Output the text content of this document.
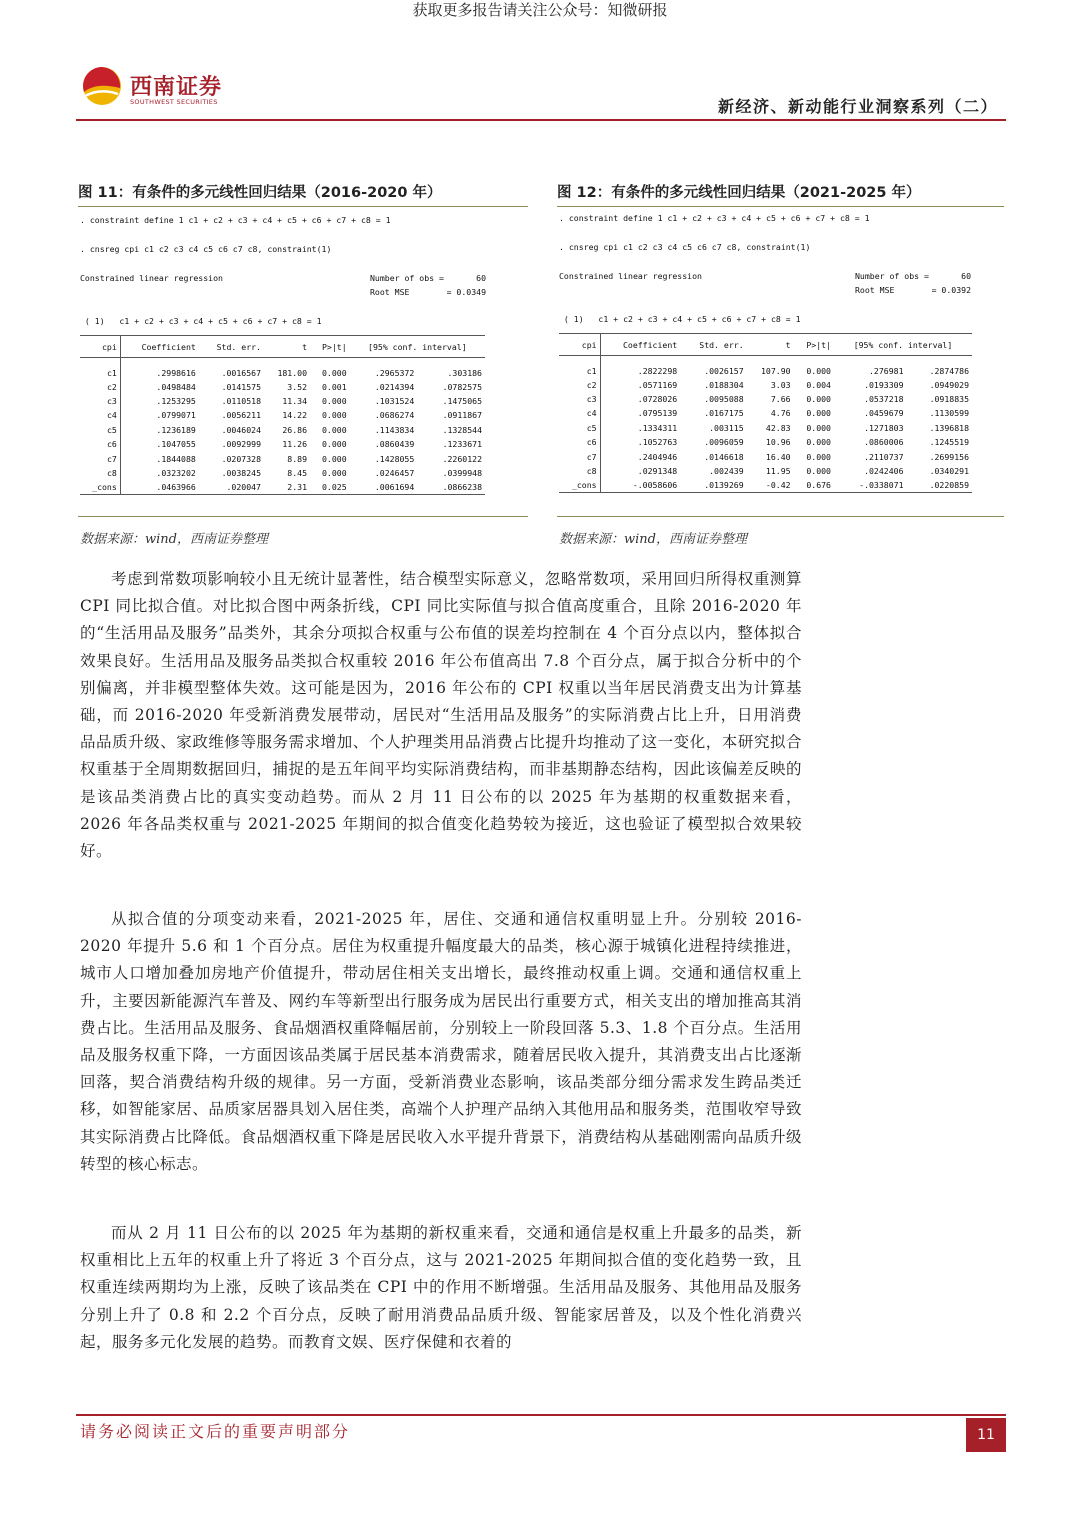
获取更多报告请关注公众号：知微研报
西南证券
SOUTHWEST SECURITIES	新经济、新动能行业洞察系列（二）
图 11：有条件的多元线性回归结果（2016-2020 年）
. constraint define 1 c1 + c2 + c3 + c4 + c5 + c6 + c7 + c8 = 1
. cnsreg cpi c1 c2 c3 c4 c5 c6 c7 c8, constraint(1)
Constrained linear regression	Number of obs =	60
Root MSE	= 0.0349
( 1)   c1 + c2 + c3 + c4 + c5 + c6 + c7 + c8 = 1
cpi	Coefficient	Std. err.	t	P>|t|	[95% conf. interval]	
c1	.2998616	.0016567	181.00	0.000	.2965372	.303186
c2	.0498484	.0141575	3.52	0.001	.0214394	.0782575
c3	.1253295	.0110518	11.34	0.000	.1031524	.1475065
c4	.0799071	.0056211	14.22	0.000	.0686274	.0911867
c5	.1236189	.0046024	26.86	0.000	.1143834	.1328544
c6	.1047055	.0092999	11.26	0.000	.0860439	.1233671
c7	.1844088	.0207328	8.89	0.000	.1428055	.2260122
c8	.0323202	.0038245	8.45	0.000	.0246457	.0399948
_cons	.0463966	.020047	2.31	0.025	.0061694	.0866238
数据来源：wind，西南证券整理
图 12：有条件的多元线性回归结果（2021-2025 年）
. constraint define 1 c1 + c2 + c3 + c4 + c5 + c6 + c7 + c8 = 1
. cnsreg cpi c1 c2 c3 c4 c5 c6 c7 c8, constraint(1)
Constrained linear regression	Number of obs =	60
Root MSE	= 0.0392
( 1)   c1 + c2 + c3 + c4 + c5 + c6 + c7 + c8 = 1
cpi	Coefficient	Std. err.	t	P>|t|	[95% conf. interval]	
c1	.2822298	.0026157	107.90	0.000	.276981	.2874786
c2	.0571169	.0188304	3.03	0.004	.0193309	.0949029
c3	.0728026	.0095088	7.66	0.000	.0537218	.0918835
c4	.0795139	.0167175	4.76	0.000	.0459679	.1130599
c5	.1334311	.003115	42.83	0.000	.1271803	.1396818
c6	.1052763	.0096059	10.96	0.000	.0860006	.1245519
c7	.2404946	.0146618	16.40	0.000	.2110737	.2699156
c8	.0291348	.002439	11.95	0.000	.0242406	.0340291
_cons	-.0058606	.0139269	-0.42	0.676	-.0338071	.0220859
数据来源：wind，西南证券整理

考虑到常数项影响较小且无统计显著性，结合模型实际意义，忽略常数项，采用回归所得权重测算 CPI 同比拟合值。对比拟合图中两条折线，CPI 同比实际值与拟合值高度重合，且除 2016-2020 年的“生活用品及服务”品类外，其余分项拟合权重与公布值的误差均控制在 4 个百分点以内，整体拟合效果良好。生活用品及服务品类拟合权重较 2016 年公布值高出 7.8 个百分点，属于拟合分析中的个别偏离，并非模型整体失效。这可能是因为，2016 年公布的 CPI 权重以当年居民消费支出为计算基础，而 2016-2020 年受新消费发展带动，居民对“生活用品及服务”的实际消费占比上升，日用消费品品质升级、家政维修等服务需求增加、个人护理类用品消费占比提升均推动了这一变化，本研究拟合权重基于全周期数据回归，捕捉的是五年间平均实际消费结构，而非基期静态结构，因此该偏差反映的是该品类消费占比的真实变动趋势。而从 2 月 11 日公布的以 2025 年为基期的权重数据来看，2026 年各品类权重与 2021-2025 年期间的拟合值变化趋势较为接近，这也验证了模型拟合效果较好。

从拟合值的分项变动来看，2021-2025 年，居住、交通和通信权重明显上升。分别较 2016-2020 年提升 5.6 和 1 个百分点。居住为权重提升幅度最大的品类，核心源于城镇化进程持续推进，城市人口增加叠加房地产价值提升，带动居住相关支出增长，最终推动权重上调。交通和通信权重上升，主要因新能源汽车普及、网约车等新型出行服务成为居民出行重要方式，相关支出的增加推高其消费占比。生活用品及服务、食品烟酒权重降幅居前，分别较上一阶段回落 5.3、1.8 个百分点。生活用品及服务权重下降，一方面因该品类属于居民基本消费需求，随着居民收入提升，其消费支出占比逐渐回落，契合消费结构升级的规律。另一方面，受新消费业态影响，该品类部分细分需求发生跨品类迁移，如智能家居、品质家居器具划入居住类，高端个人护理产品纳入其他用品和服务类，范围收窄导致其实际消费占比降低。食品烟酒权重下降是居民收入水平提升背景下，消费结构从基础刚需向品质升级转型的核心标志。

而从 2 月 11 日公布的以 2025 年为基期的新权重来看，交通和通信是权重上升最多的品类，新权重相比上五年的权重上升了将近 3 个百分点，这与 2021-2025 年期间拟合值的变化趋势一致，且权重连续两期均为上涨，反映了该品类在 CPI 中的作用不断增强。生活用品及服务、其他用品及服务分别上升了 0.8 和 2.2 个百分点，反映了耐用消费品品质升级、智能家居普及，以及个性化消费兴起，服务多元化发展的趋势。而教育文娱、医疗保健和衣着的

请务必阅读正文后的重要声明部分	11
